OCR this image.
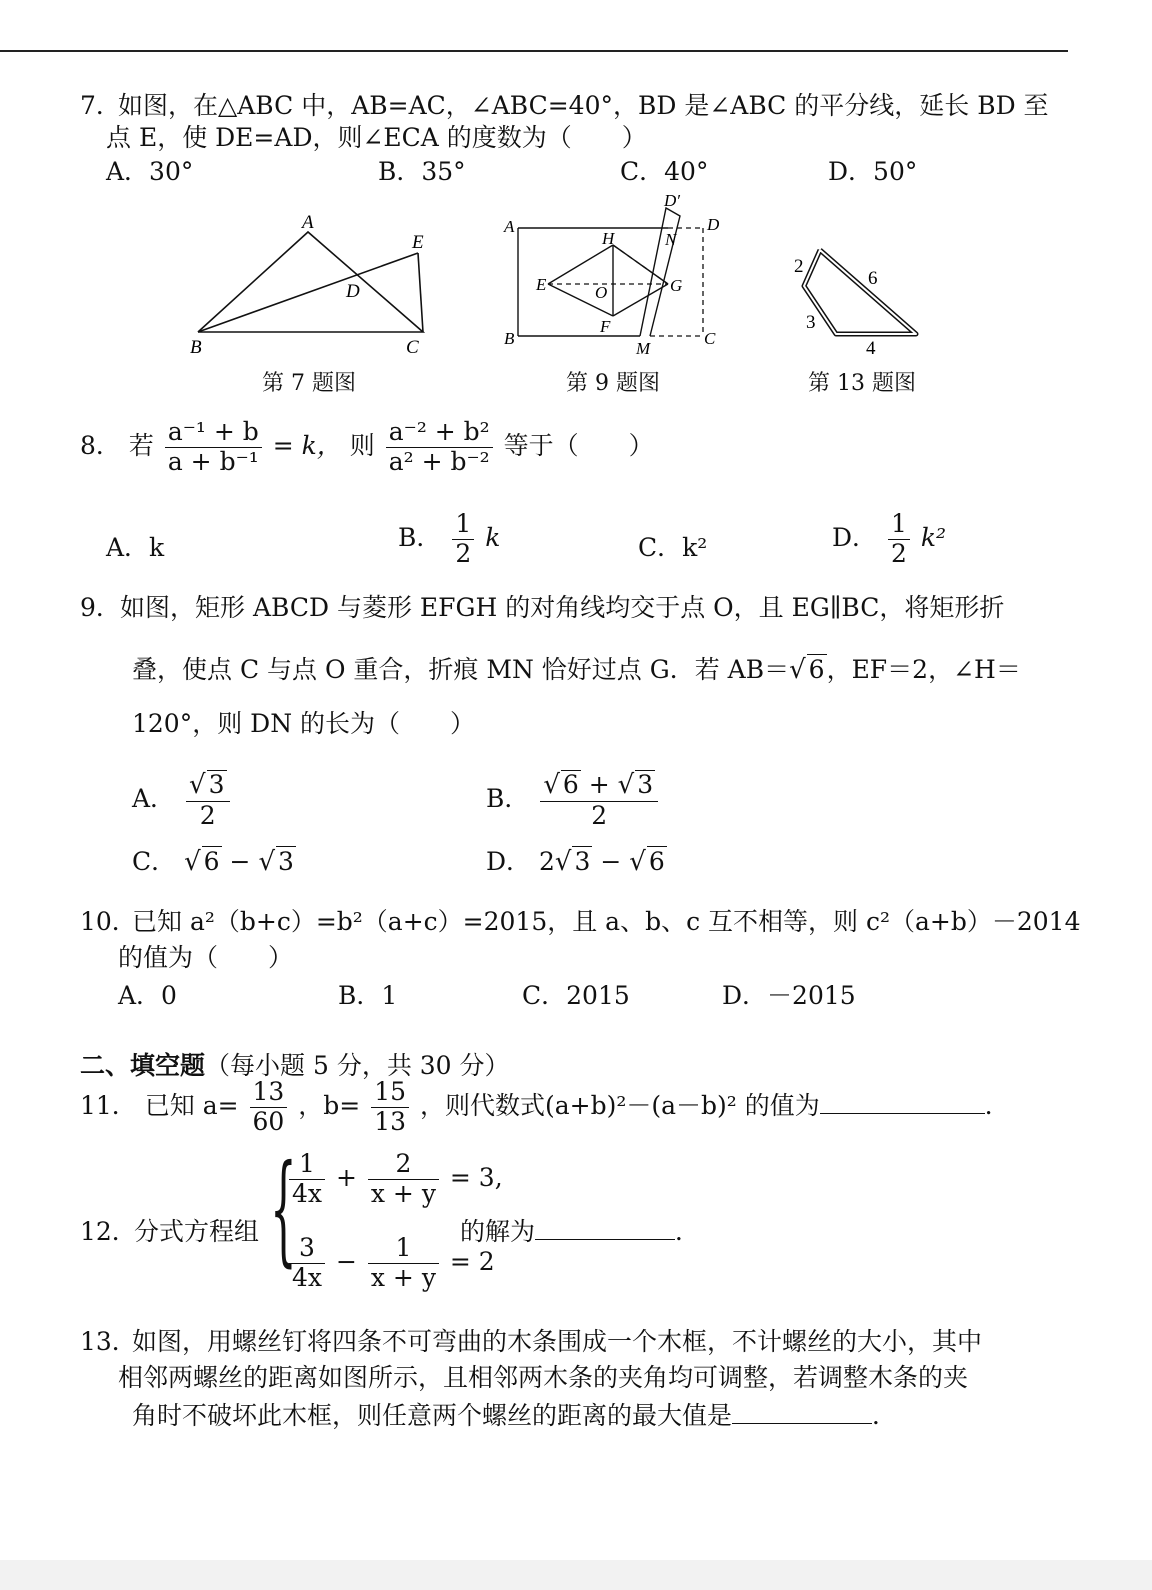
7．
如图，在△ABC 中，AB=AC，∠ABC=40°，BD 是∠ABC 的平分线，延长 BD 至
点 E，使 DE=AD，则∠ECA 的度数为（　　）
A．30°	B．35°	C．40°	D．50°
A
B	C
D
E
第 7 题图
A
B	C
D
D′
H	N
E	O	G
F
M
第 9 题图
2
6
3
4
第 13 题图
8． 若 $\frac{\text{a⁻¹ + b}}{\text{a + b⁻¹}} = k$， 则 $\frac{\text{a⁻² + b²}}{\text{a² + b⁻²}}$ 等于（　　）
A．k	B． $\frac{1}{2}$ k	C．k²	D． $\frac{1}{2} k^2$
9． 如图，矩形 ABCD 与菱形 EFGH 的对角线均交于点 O，且 EG∥BC，将矩形折
叠，使点 C 与点 O 重合，折痕 MN 恰好过点 G．若 AB＝√ 6，EF＝2，∠H＝
120°，则 DN 的长为（　　）
A． $\frac{√ 3}{2}$	B． $\frac{√ 6 + √ 3}{2}$
C． √ 6 − √ 3	D． 2√ 3 − √ 6
10．
已知 a²（b+c）=b²（a+c）=2015，且 a、b、c 互不相等，则 c²（a+b）－2014
的值为（　　）
A．0	B．1	C．2015	D．－2015
二、填空题（每小题 5 分，共 30 分）
11． 已知 $a= \frac{13}{60}$ ，$b= \frac{15}{13}$ ，则代数式(a+b)²－(a－b)² 的值为	．
12．
分式方程组 {
$\frac{1}{4x} + \frac{2}{x + y} = 3$,
$\frac{3}{4x} - \frac{1}{x + y} = 2$
的解为	．
13．
如图，用螺丝钉将四条不可弯曲的木条围成一个木框，不计螺丝的大小，其中
相邻两螺丝的距离如图所示，且相邻两木条的夹角均可调整，若调整木条的夹
角时不破坏此木框，则任意两个螺丝的距离的最大值是	．
